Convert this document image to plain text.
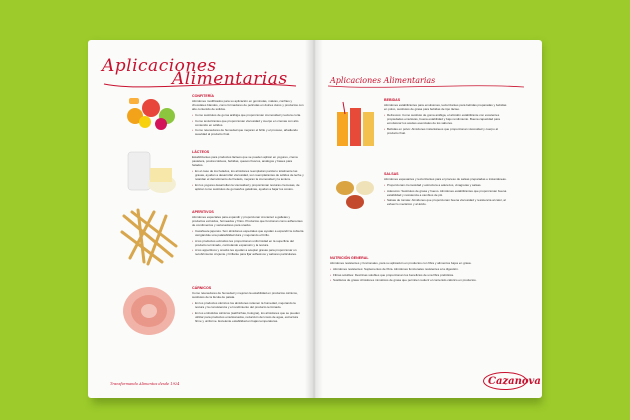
Aplicaciones
Alimentarias	Aplicaciones Alimentarias
CONFITERÍA

Almidones modificados para su aplicación en gominolas, malvas, confites y chocolates blandos, como formadores de películas en dulces duros y productos con alto contenido de sólidos.

• Como sustitutos de goma arábiga que proporcionan cremosidad y textura corta.
• Como texturizantes que proporcionan viscosidad y cuerpo en cremas con alto contenido en sólidos.
• Como retenedores de humedad que mejoran el brillo y el proceso, añadiendo suavidad al producto final.
LÁCTEOS

Estabilizantes para productos lácteos que se pueden aplicar en yogures, crema pastelera, postres lácteos, bebidas, quesos frescos, análogos y bases para helados.

• En el caso de los helados, los almidones reemplazan parcial o totalmente las grasas, ayudan a desarrollar viscosidad, son reemplazantes de sólidos de leche y retardan el derretimiento del helado, mejoran la cremosidad y la textura.
• En los yogures desarrollan la viscosidad y proporcionan texturas cremosas, de aplicar como sustitutos de gomas/los gelatinas, ayudan a bajar los costos.
APERITIVOS

Almidones especiales para expandir y proporcionar crocantez a galletas y productos extruidos, horneados y fritos. Productos que funcionan como adherentes de condimentos y sazonadores para snacks.

• Cacahuete japonés. Son almidones especiales que ayudan a expandir la cubierta otorgándole una palatabilidad dura y mejorando el brillo.
• A los productos extruidos les proporcionan uniformidad en la superficie del producto terminado, controlando expansión y la textura.
• A los apperitivos y snacks les ayudan a aceptar grasas para proporcionar un recubrimiento crujiente y brillante para fijar adhesivos y sabores particulares.
CÁRNICOS

Como retenedores de humedad y mejoran la estabilidad en productos cárnicos, sustitutos de la fécula de patata.

• En los productos cárnicos los almidones retienen la humedad, mejorando la textura y la consistencia y el rendimiento del producto terminado.
• En los embutidos cárnicos (salchichas, bologna), los almidones que se pueden utilizar para productos emulsionados, reducción del costo de agua, estructura firme y uniforme. Excelente estabilidad en bajas temperaturas.
BEBIDAS

Almidones estabilizantes para emulsiones, texturizantes para bebidas preparadas y bebidas en polvo, sustitutos de grasa para bebidas de tipo lácteo.

• Refrescos: Como sustituto de goma arábiga, el almidón estabilizante con excelentes propiedades emulsivas, buena estabilidad y bajo rendimiento. Buena capacidad para emulsionar los aceites esenciales de los sabores.
• Bebidas en polvo: Almidones instantáneos que proporcionan viscosidad y cuerpo al producto final.
SALSAS

Almidones espesantes y texturizantes para el proceso de salsas preparadas e instantáneas.

• Proporcionan cremosidad y estructura a aderezos, vinagretas y salsas.
• Aderezos: Sustitutos de grasa y huevo. Almidones estabilizantes que proporcionan buena estabilidad y resistencia a cambios de pH.
• Salsas de tomate: Almidones que proporcionan buena viscosidad y resistencia al calor, al esfuerzo mecánico y al ácido.
NUTRICIÓN GENERAL

Almidones resistentes y funcionales, para su aplicación en productos con fibra y alimentos bajos en grasa.

• Almidones resistentes: Suplementos de fibra. Almidones funcionales resistentes a la digestión.
• Fibras solubles: Dextrinas solubles que proporcionan los beneficios de una fibra prebiótica.
• Sustitutos de grasa: Almidones miméticos de grasa que permiten reducir el contenido calórico en productos.
Transformando Alimentos desde 1924	Cazanova
